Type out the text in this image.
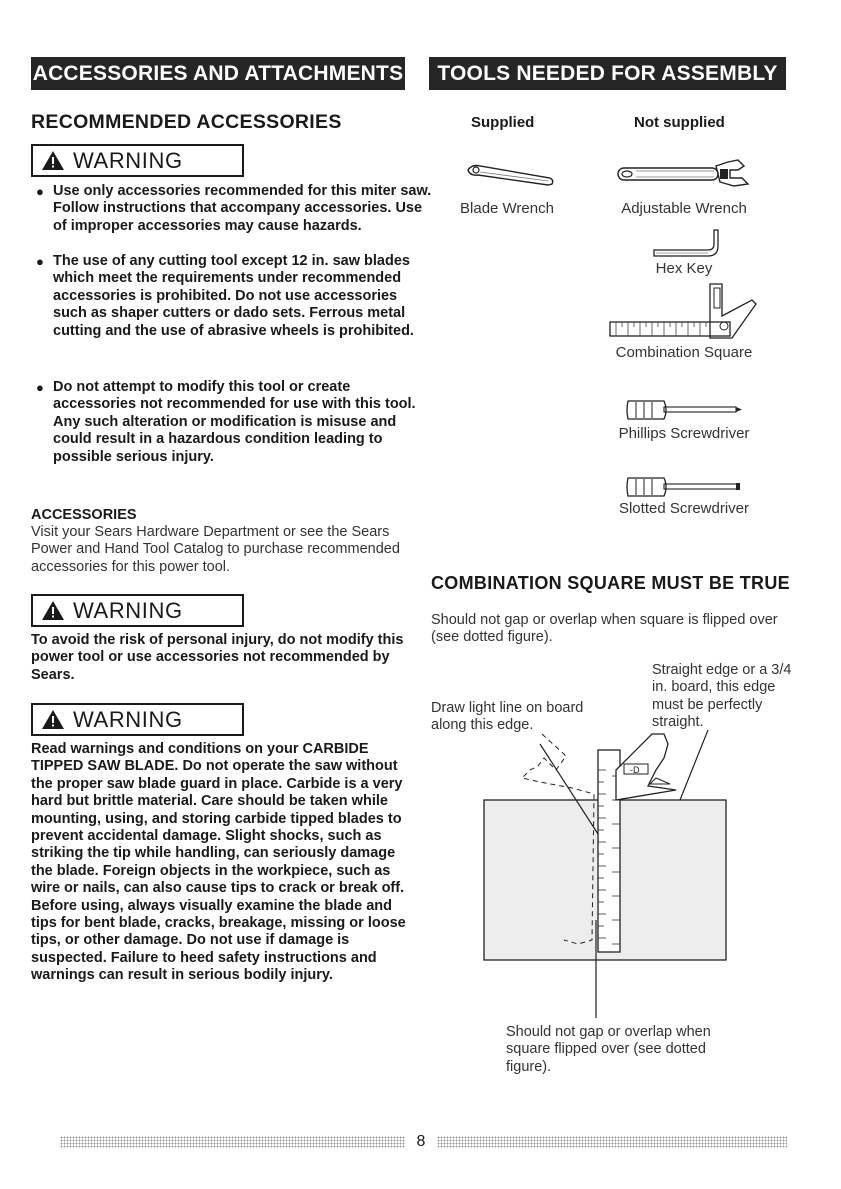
ACCESSORIES AND ATTACHMENTS
RECOMMENDED ACCESSORIES
WARNING
● Use only accessories recommended for this miter saw. Follow instructions that accompany accessories. Use of improper accessories may cause hazards.
● The use of any cutting tool except 12 in. saw blades which meet the requirements under recommended accessories is prohibited. Do not use accessories such as shaper cutters or dado sets. Ferrous metal cutting and the use of abrasive wheels is prohibited.
● Do not attempt to modify this tool or create accessories not recommended for use with this tool. Any such alteration or modification is misuse and could result in a hazardous condition leading to possible serious injury.
ACCESSORIES
Visit your Sears Hardware Department or see the Sears Power and Hand Tool Catalog to purchase recommended accessories for this power tool.
WARNING
To avoid the risk of personal injury, do not modify this power tool or use accessories not recommended by Sears.
WARNING
Read warnings and conditions on your CARBIDE TIPPED SAW BLADE. Do not operate the saw without the proper saw blade guard in place. Carbide is a very hard but brittle material. Care should be taken while mounting, using, and storing carbide tipped blades to prevent accidental damage. Slight shocks, such as striking the tip while handling, can seriously damage the blade. Foreign objects in the workpiece, such as wire or nails, can also cause tips to crack or break off. Before using, always visually examine the blade and tips for bent blade, cracks, breakage, missing or loose tips, or other damage. Do not use if damage is suspected. Failure to heed safety instructions and warnings can result in serious bodily injury.
TOOLS NEEDED FOR ASSEMBLY
Supplied	Not supplied
Blade Wrench	Adjustable Wrench
Hex Key
Combination Square
Phillips Screwdriver
Slotted Screwdriver
COMBINATION SQUARE MUST BE TRUE
Should not gap or overlap when square is flipped over (see dotted figure).
Straight edge or a 3/4 in. board, this edge must be perfectly straight.
Draw light line on board along this edge.
-D
Should not gap or overlap when square flipped over (see dotted figure).
8
